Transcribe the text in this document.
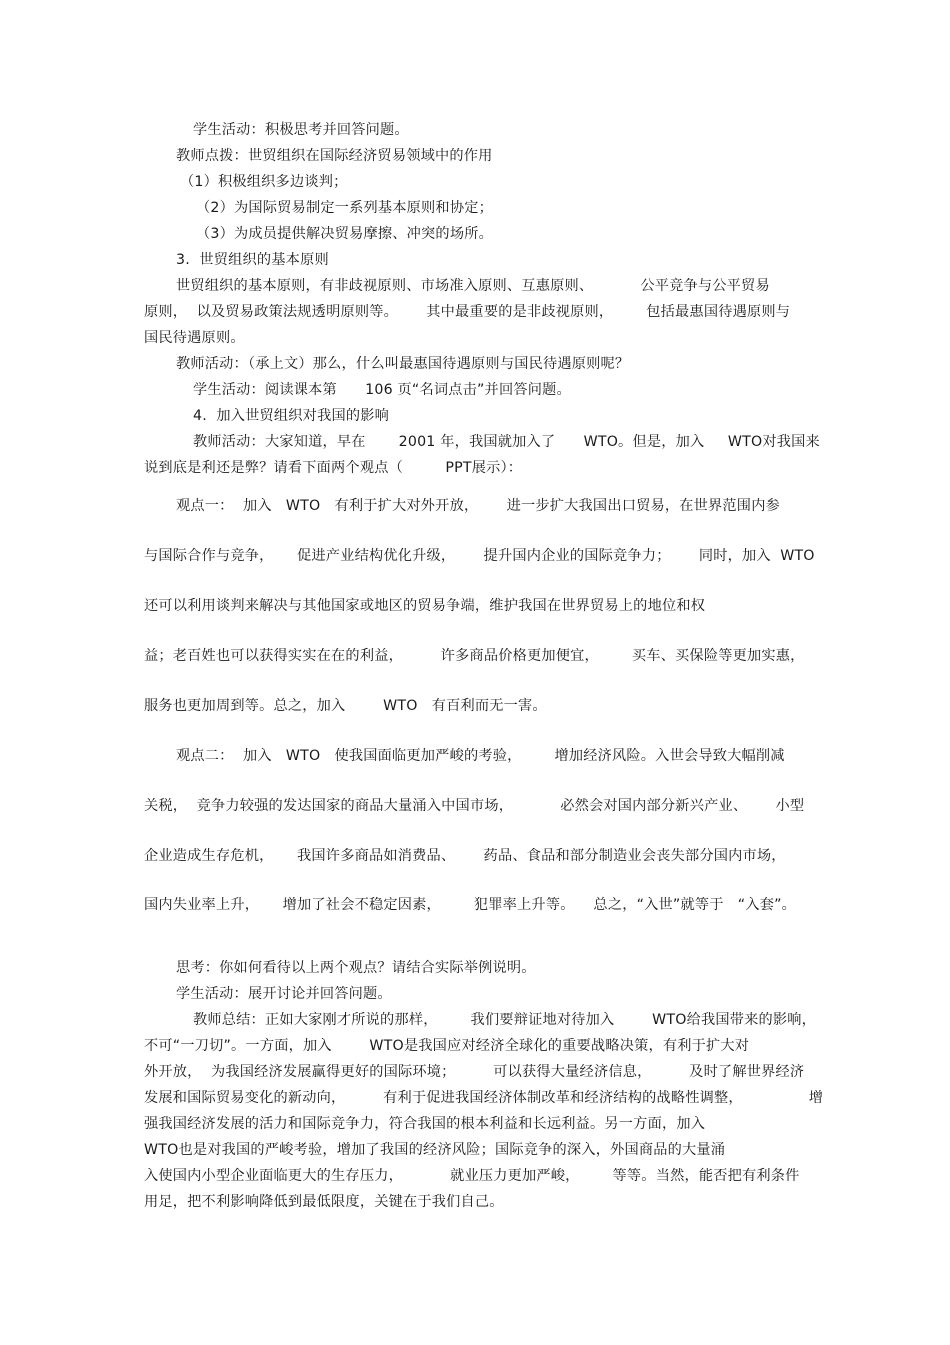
学生活动：积极思考并回答问题。

教师点拨：世贸组织在国际经济贸易领域中的作用

（1）积极组织多边谈判；

（2）为国际贸易制定一系列基本原则和协定；

（3）为成员提供解决贸易摩擦、冲突的场所。

3.  世贸组织的基本原则

世贸组织的基本原则，有非歧视原则、市场准入原则、互惠原则、          公平竞争与公平贸易

原则，  以及贸易政策法规透明原则等。      其中最重要的是非歧视原则，       包括最惠国待遇原则与

国民待遇原则。

教师活动：（承上文）那么，什么叫最惠国待遇原则与国民待遇原则呢？

学生活动：阅读课本第      106 页“名词点击”并回答问题。

4.  加入世贸组织对我国的影响

教师活动：大家知道，早在       2001 年，我国就加入了      WTO。但是，加入     WTO对我国来

说到底是利还是弊？请看下面两个观点（         PPT展示）：

观点一：  加入   WTO   有利于扩大对外开放，      进一步扩大我国出口贸易，在世界范围内参

与国际合作与竞争，     促进产业结构优化升级，      提升国内企业的国际竞争力；      同时，加入  WTO

还可以利用谈判来解决与其他国家或地区的贸易争端，维护我国在世界贸易上的地位和权

益；老百姓也可以获得实实在在的利益，        许多商品价格更加便宜，       买车、买保险等更加实惠，

服务也更加周到等。总之，加入        WTO   有百利而无一害。

观点二：  加入   WTO   使我国面临更加严峻的考验，       增加经济风险。入世会导致大幅削减

关税，  竞争力较强的发达国家的商品大量涌入中国市场，          必然会对国内部分新兴产业、      小型

企业造成生存危机，     我国许多商品如消费品、      药品、食品和部分制造业会丧失部分国内市场，

国内失业率上升，     增加了社会不稳定因素，       犯罪率上升等。    总之，“入世”就等于   “入套”。

思考：你如何看待以上两个观点？请结合实际举例说明。

学生活动：展开讨论并回答问题。

教师总结：正如大家刚才所说的那样，       我们要辩证地对待加入        WTO给我国带来的影响，

不可“一刀切”。一方面，加入        WTO是我国应对经济全球化的重要战略决策，有利于扩大对

外开放，  为我国经济发展赢得更好的国际环境；        可以获得大量经济信息，        及时了解世界经济

发展和国际贸易变化的新动向，        有利于促进我国经济体制改革和经济结构的战略性调整，              增

强我国经济发展的活力和国际竞争力，符合我国的根本利益和长远利益。另一方面，加入

WTO也是对我国的严峻考验，增加了我国的经济风险；国际竞争的深入，外国商品的大量涌

入使国内小型企业面临更大的生存压力，          就业压力更加严峻，       等等。当然，能否把有利条件

用足，把不利影响降低到最低限度，关键在于我们自己。
